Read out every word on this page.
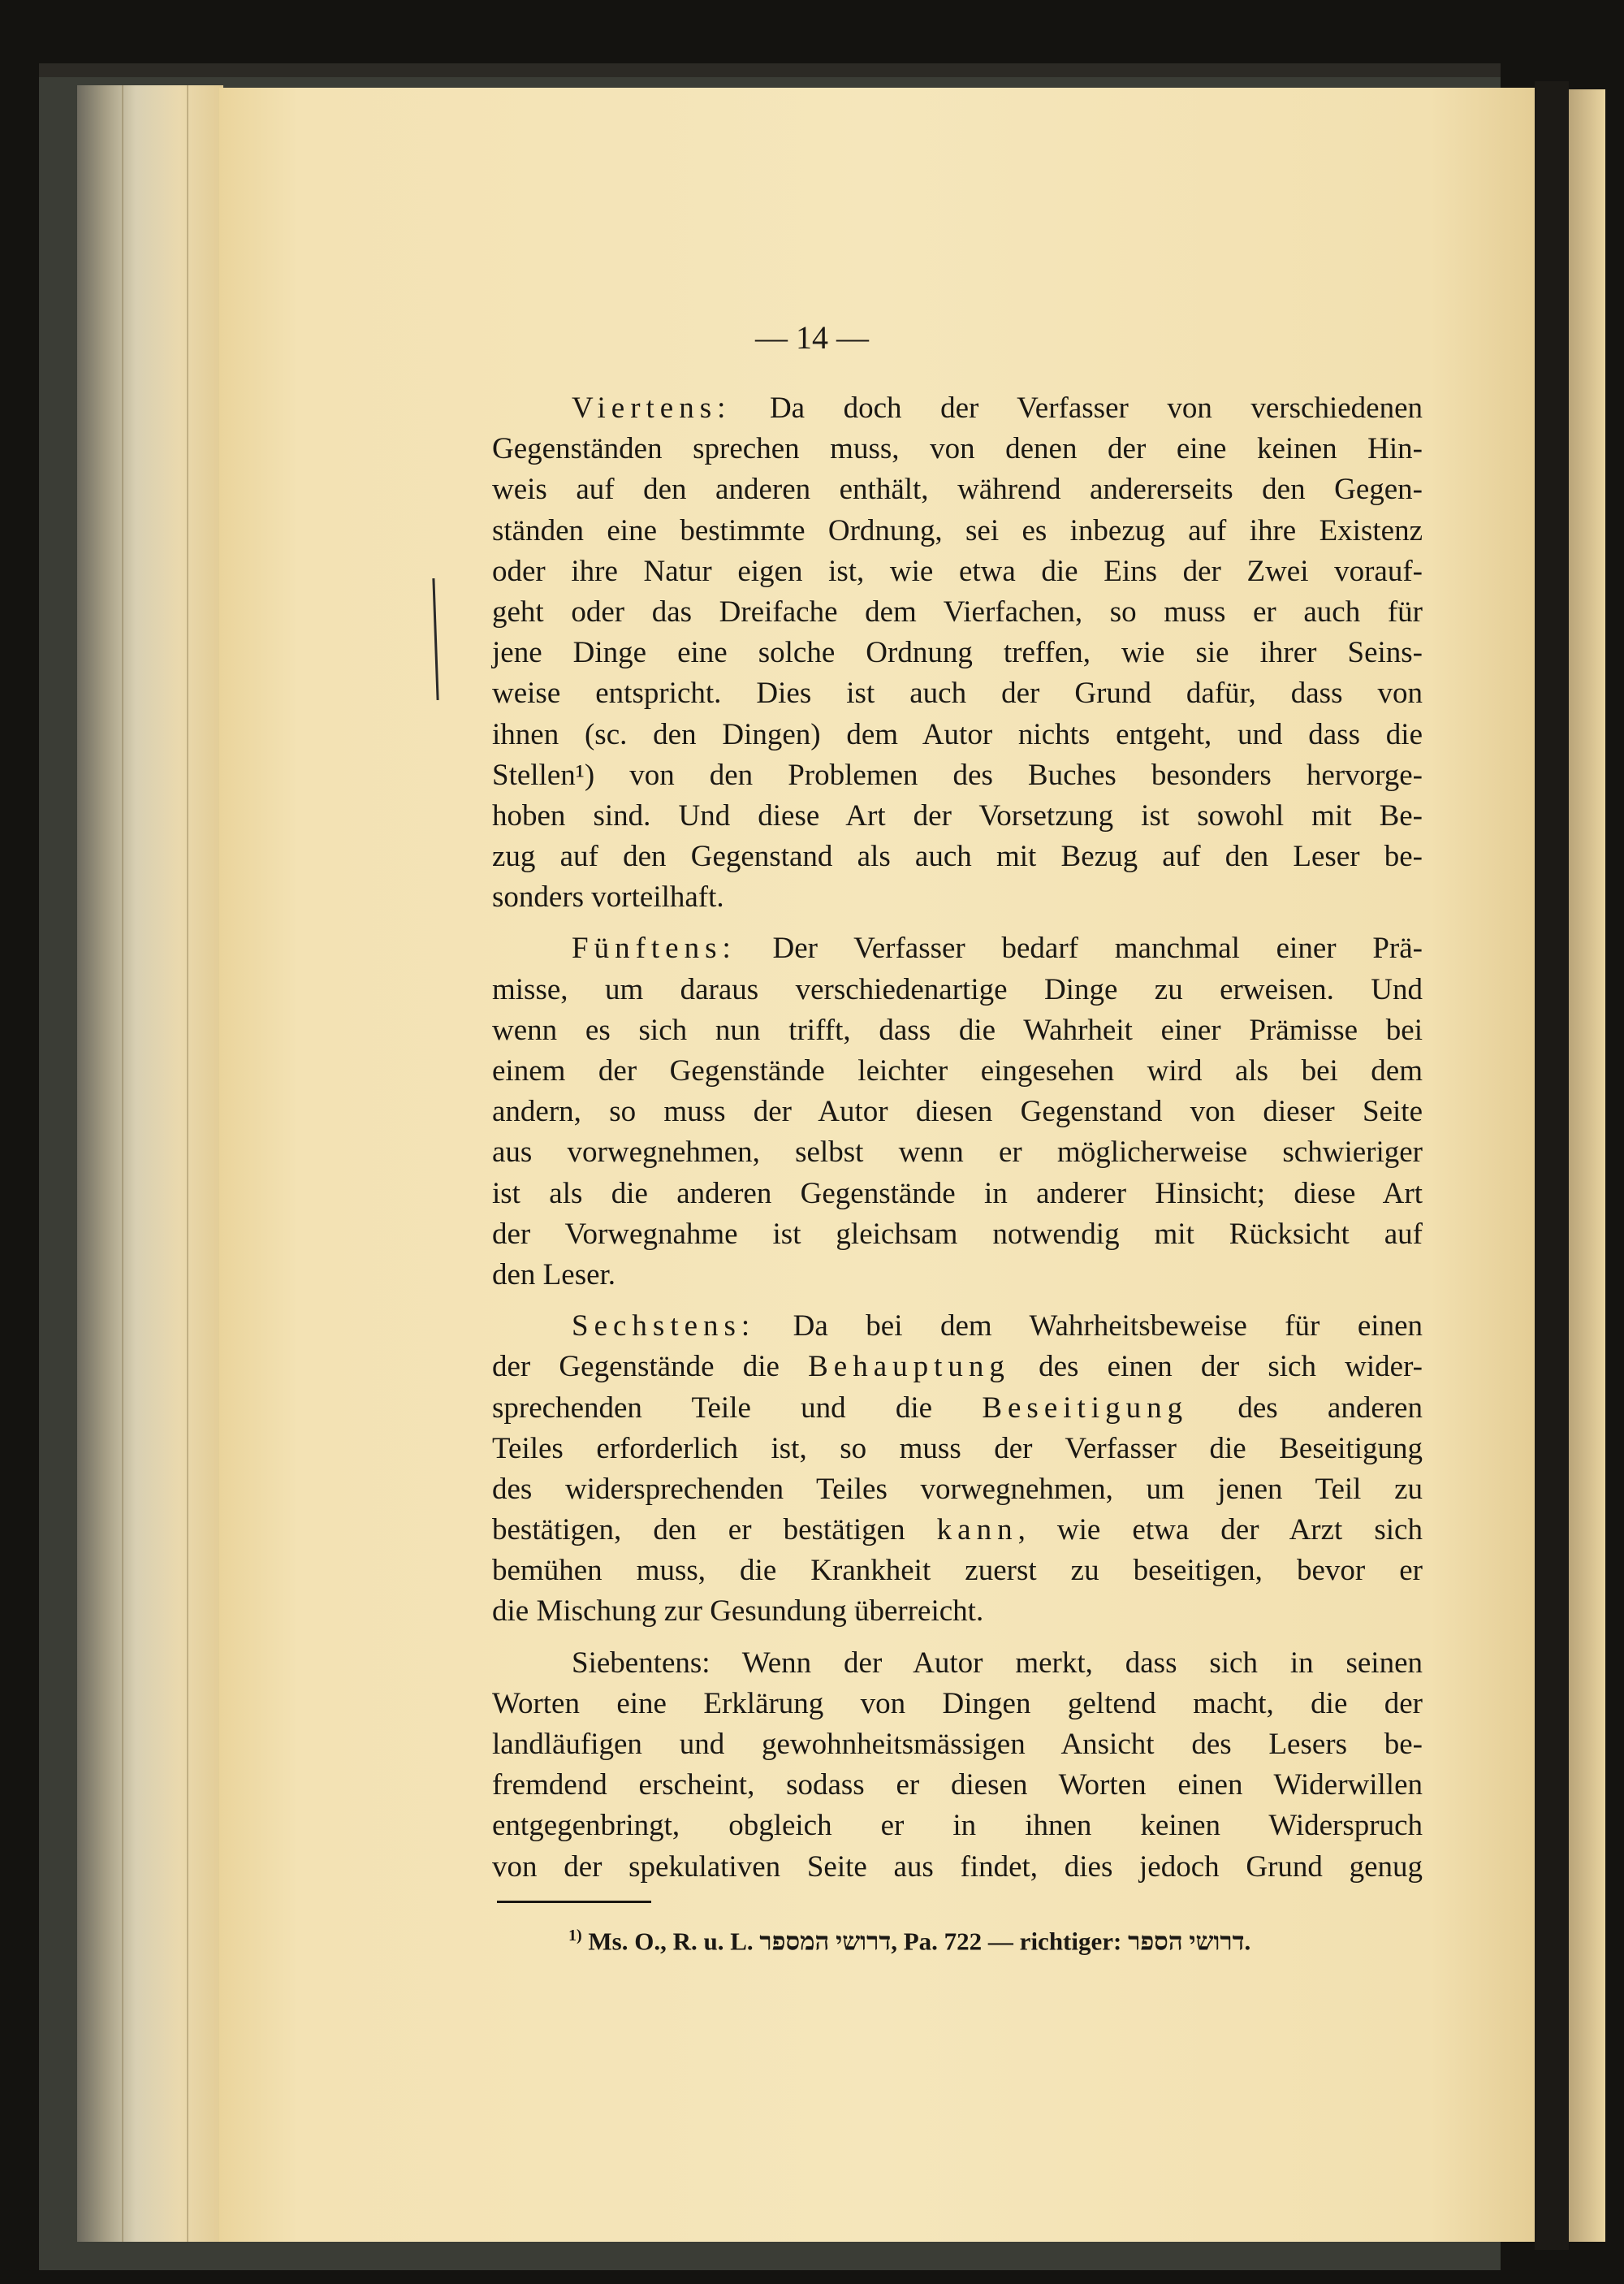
— 14 —
Viertens: Da doch der Verfasser von verschiedenen
Gegenständen sprechen muss, von denen der eine keinen Hin-
weis auf den anderen enthält, während andererseits den Gegen-
ständen eine bestimmte Ordnung, sei es inbezug auf ihre Existenz
oder ihre Natur eigen ist, wie etwa die Eins der Zwei vorauf-
geht oder das Dreifache dem Vierfachen, so muss er auch für
jene Dinge eine solche Ordnung treffen, wie sie ihrer Seins-
weise entspricht. Dies ist auch der Grund dafür, dass von
ihnen (sc. den Dingen) dem Autor nichts entgeht, und dass die
Stellen¹) von den Problemen des Buches besonders hervorge-
hoben sind. Und diese Art der Vorsetzung ist sowohl mit Be-
zug auf den Gegenstand als auch mit Bezug auf den Leser be-
sonders vorteilhaft.
Fünftens: Der Verfasser bedarf manchmal einer Prä-
misse, um daraus verschiedenartige Dinge zu erweisen. Und
wenn es sich nun trifft, dass die Wahrheit einer Prämisse bei
einem der Gegenstände leichter eingesehen wird als bei dem
andern, so muss der Autor diesen Gegenstand von dieser Seite
aus vorwegnehmen, selbst wenn er möglicherweise schwieriger
ist als die anderen Gegenstände in anderer Hinsicht; diese Art
der Vorwegnahme ist gleichsam notwendig mit Rücksicht auf
den Leser.
Sechstens: Da bei dem Wahrheitsbeweise für einen
der Gegenstände die Behauptung des einen der sich wider-
sprechenden Teile und die Beseitigung des anderen
Teiles erforderlich ist, so muss der Verfasser die Beseitigung
des widersprechenden Teiles vorwegnehmen, um jenen Teil zu
bestätigen, den er bestätigen kann, wie etwa der Arzt sich
bemühen muss, die Krankheit zuerst zu beseitigen, bevor er
die Mischung zur Gesundung überreicht.
Siebentens: Wenn der Autor merkt, dass sich in seinen
Worten eine Erklärung von Dingen geltend macht, die der
landläufigen und gewohnheitsmässigen Ansicht des Lesers be-
fremdend erscheint, sodass er diesen Worten einen Widerwillen
entgegenbringt, obgleich er in ihnen keinen Widerspruch
von der spekulativen Seite aus findet, dies jedoch Grund genug
$^{1)}$ Ms. O., R. u. L. דרושי המספר, Pa. 722 — richtiger: דרושי הספר.
